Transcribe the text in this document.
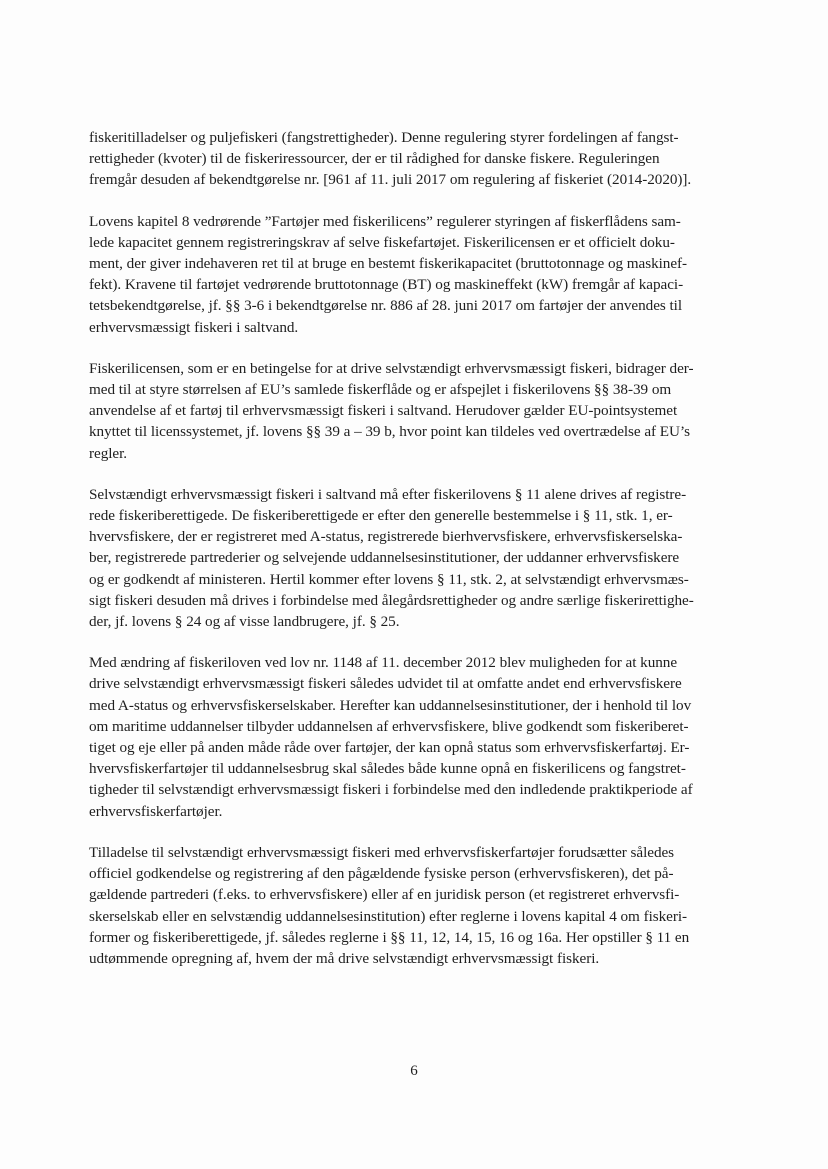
fiskeritilladelser og puljefiskeri (fangstrettigheder). Denne regulering styrer fordelingen af fangst-
rettigheder (kvoter) til de fiskeriressourcer, der er til rådighed for danske fiskere. Reguleringen
fremgår desuden af bekendtgørelse nr. [961 af 11. juli 2017 om regulering af fiskeriet (2014-2020)].

Lovens kapitel 8 vedrørende ”Fartøjer med fiskerilicens” regulerer styringen af fiskerflådens sam-
lede kapacitet gennem registreringskrav af selve fiskefartøjet. Fiskerilicensen er et officielt doku-
ment, der giver indehaveren ret til at bruge en bestemt fiskerikapacitet (bruttotonnage og maskinef-
fekt). Kravene til fartøjet vedrørende bruttotonnage (BT) og maskineffekt (kW) fremgår af kapaci-
tetsbekendtgørelse, jf. §§ 3-6 i bekendtgørelse nr. 886 af 28. juni 2017 om fartøjer der anvendes til
erhvervsmæssigt fiskeri i saltvand.

Fiskerilicensen, som er en betingelse for at drive selvstændigt erhvervsmæssigt fiskeri, bidrager der-
med til at styre størrelsen af EU’s samlede fiskerflåde og er afspejlet i fiskerilovens §§ 38-39 om
anvendelse af et fartøj til erhvervsmæssigt fiskeri i saltvand. Herudover gælder EU-pointsystemet
knyttet til licenssystemet, jf. lovens §§ 39 a – 39 b, hvor point kan tildeles ved overtrædelse af EU’s
regler.

Selvstændigt erhvervsmæssigt fiskeri i saltvand må efter fiskerilovens § 11 alene drives af registre-
rede fiskeriberettigede. De fiskeriberettigede er efter den generelle bestemmelse i § 11, stk. 1, er-
hvervsfiskere, der er registreret med A-status, registrerede bierhvervsfiskere, erhvervsfiskerselska-
ber, registrerede partrederier og selvejende uddannelsesinstitutioner, der uddanner erhvervsfiskere
og er godkendt af ministeren. Hertil kommer efter lovens § 11, stk. 2, at selvstændigt erhvervsmæs-
sigt fiskeri desuden må drives i forbindelse med ålegårdsrettigheder og andre særlige fiskerirettighe-
der, jf. lovens § 24 og af visse landbrugere, jf. § 25.

Med ændring af fiskeriloven ved lov nr. 1148 af 11. december 2012 blev muligheden for at kunne
drive selvstændigt erhvervsmæssigt fiskeri således udvidet til at omfatte andet end erhvervsfiskere
med A-status og erhvervsfiskerselskaber. Herefter kan uddannelsesinstitutioner, der i henhold til lov
om maritime uddannelser tilbyder uddannelsen af erhvervsfiskere, blive godkendt som fiskeriberet-
tiget og eje eller på anden måde råde over fartøjer, der kan opnå status som erhvervsfiskerfartøj. Er-
hvervsfiskerfartøjer til uddannelsesbrug skal således både kunne opnå en fiskerilicens og fangstret-
tigheder til selvstændigt erhvervsmæssigt fiskeri i forbindelse med den indledende praktikperiode af
erhvervsfiskerfartøjer.

Tilladelse til selvstændigt erhvervsmæssigt fiskeri med erhvervsfiskerfartøjer forudsætter således
officiel godkendelse og registrering af den pågældende fysiske person (erhvervsfiskeren), det på-
gældende partrederi (f.eks. to erhvervsfiskere) eller af en juridisk person (et registreret erhvervsfi-
skerselskab eller en selvstændig uddannelsesinstitution) efter reglerne i lovens kapital 4 om fiskeri-
former og fiskeriberettigede, jf. således reglerne i §§ 11, 12, 14, 15, 16 og 16a. Her opstiller § 11 en
udtømmende opregning af, hvem der må drive selvstændigt erhvervsmæssigt fiskeri.

6
